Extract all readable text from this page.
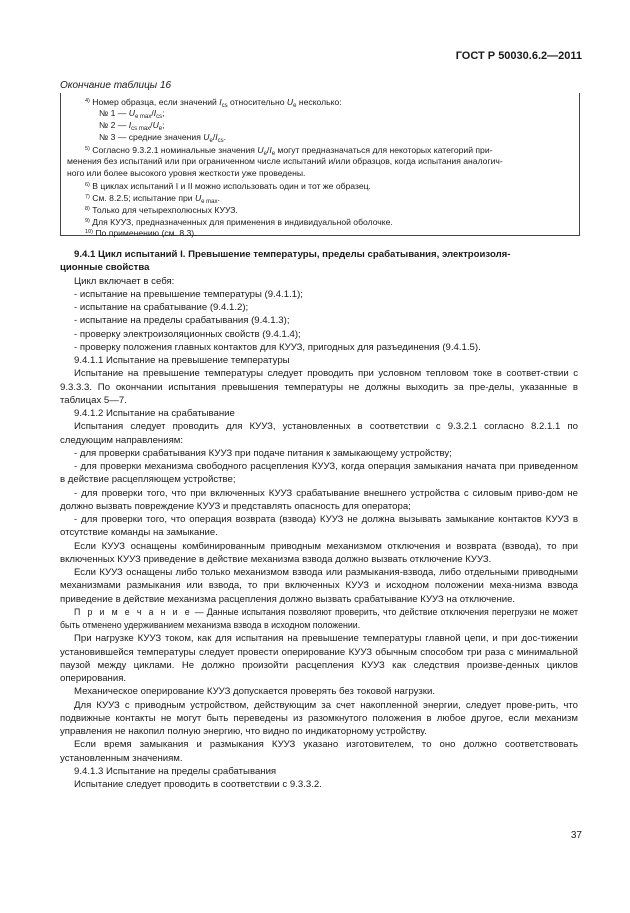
ГОСТ Р 50030.6.2—2011
Окончание таблицы 16
$^{4)}$ Номер образца, если значений $I_{cs}$ относительно $U_e$ несколько:
№ 1 — $U_{e max}/I_{cs}$;
№ 2 — $I_{cs max}/U_e$;
№ 3 — средние значения $U_e/I_{cs}$.
$^{5)}$ Согласно 9.3.2.1 номинальные значения $U_e/I_e$ могут предназначаться для некоторых категорий при-
менения без испытаний или при ограниченном числе испытаний и/или образцов, когда испытания аналогич-
ного или более высокого уровня жесткости уже проведены.
$^{6)}$ В циклах испытаний I и II можно использовать один и тот же образец.
$^{7)}$ См. 8.2.5; испытание при $U_{e max}$.
$^{8)}$ Только для четырехполюсных КУУЗ.
$^{9)}$ Для КУУЗ, предназначенных для применения в индивидуальной оболочке.
$^{10)}$ По применению (см. 8.3).

9.4.1 Цикл испытаний I. Превышение температуры, пределы срабатывания, электроизоля-

ционные свойства

Цикл включает в себя:

- испытание на превышение температуры (9.4.1.1);

- испытание на срабатывание (9.4.1.2);

- испытание на пределы срабатывания (9.4.1.3);

- проверку электроизоляционных свойств (9.4.1.4);

- проверку положения главных контактов для КУУЗ, пригодных для разъединения (9.4.1.5).

9.4.1.1 Испытание на превышение температуры

Испытание на превышение температуры следует проводить при условном тепловом токе в соответ-ствии с 9.3.3.3. По окончании испытания превышения температуры не должны выходить за пре-делы, указанные в таблицах 5—7.

9.4.1.2 Испытание на срабатывание

Испытания следует проводить для КУУЗ, установленных в соответствии с 9.3.2.1 согласно 8.2.1.1 по следующим направлениям:

- для проверки срабатывания КУУЗ при подаче питания к замыкающему устройству;

- для проверки механизма свободного расцепления КУУЗ, когда операция замыкания начата при приведенном в действие расцепляющем устройстве;

- для проверки того, что при включенных КУУЗ срабатывание внешнего устройства с силовым приво-дом не должно вызвать повреждение КУУЗ и представлять опасность для оператора;

- для проверки того, что операция возврата (взвода) КУУЗ не должна вызывать замыкание контактов КУУЗ в отсутствие команды на замыкание.

Если КУУЗ оснащены комбинированным приводным механизмом отключения и возврата (взвода), то при включенных КУУЗ приведение в действие механизма взвода должно вызвать отключение КУУЗ.

Если КУУЗ оснащены либо только механизмом взвода или размыкания-взвода, либо отдельными приводными механизмами размыкания или взвода, то при включенных КУУЗ и исходном положении меха-низма взвода приведение в действие механизма расцепления должно вызвать срабатывание КУУЗ на отключение.

П р и м е ч а н и е — Данные испытания позволяют проверить, что действие отключения перегрузки не может быть отменено удерживанием механизма взвода в исходном положении.

При нагрузке КУУЗ током, как для испытания на превышение температуры главной цепи, и при дос-тижении установившейся температуры следует провести оперирование КУУЗ обычным способом три раза с минимальной паузой между циклами. Не должно произойти расцепления КУУЗ как следствия произве-денных циклов оперирования.

Механическое оперирование КУУЗ допускается проверять без токовой нагрузки.

Для КУУЗ с приводным устройством, действующим за счет накопленной энергии, следует прове-рить, что подвижные контакты не могут быть переведены из разомкнутого положения в любое другое, если механизм управления не накопил полную энергию, что видно по индикаторному устройству.

Если время замыкания и размыкания КУУЗ указано изготовителем, то оно должно соответствовать установленным значениям.

9.4.1.3 Испытание на пределы срабатывания

Испытание следует проводить в соответствии с 9.3.3.2.

37
